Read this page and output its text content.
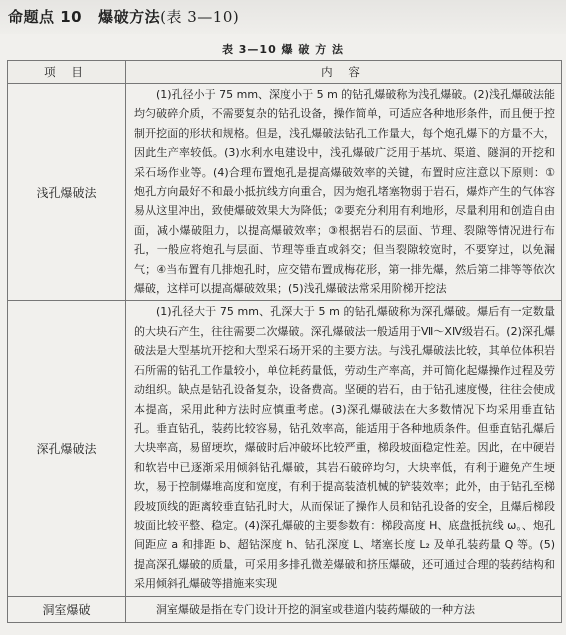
命题点 10 爆破方法(表 3—10)
表 3—10 爆 破 方 法
项 目	内 容
浅孔爆破法	(1)孔径小于 75 mm、深度小于 5 m 的钻孔爆破称为浅孔爆破。(2)浅孔爆破法能均匀破碎介质，不需要复杂的钻孔设备，操作简单，可适应各种地形条件，而且便于控制开挖面的形状和规格。但是，浅孔爆破法钻孔工作量大，每个炮孔爆下的方量不大，因此生产率较低。(3)水利水电建设中，浅孔爆破广泛用于基坑、渠道、隧洞的开挖和采石场作业等。(4)合理布置炮孔是提高爆破效率的关键，布置时应注意以下原则：①炮孔方向最好不和最小抵抗线方向重合，因为炮孔堵塞物弱于岩石，爆炸产生的气体容易从这里冲出，致使爆破效果大为降低；②要充分利用有利地形，尽量利用和创造自由面，减小爆破阻力，以提高爆破效率；③根据岩石的层面、节理、裂隙等情况进行布孔，一般应将炮孔与层面、节理等垂直或斜交；但当裂隙较宽时，不要穿过，以免漏气；④当布置有几排炮孔时，应交错布置成梅花形，第一排先爆，然后第二排等等依次爆破，这样可以提高爆破效果；(5)浅孔爆破法常采用阶梯开挖法

深孔爆破法	(1)孔径大于 75 mm、孔深大于 5 m 的钻孔爆破称为深孔爆破。爆后有一定数量的大块石产生，往往需要二次爆破。深孔爆破法一般适用于Ⅶ～ⅩⅣ级岩石。(2)深孔爆破法是大型基坑开挖和大型采石场开采的主要方法。与浅孔爆破法比较，其单位体积岩石所需的钻孔工作量较小，单位耗药量低，劳动生产率高，并可简化起爆操作过程及劳动组织。缺点是钻孔设备复杂，设备费高。坚硬的岩石，由于钻孔速度慢，往往会使成本提高，采用此种方法时应慎重考虑。(3)深孔爆破法在大多数情况下均采用垂直钻孔。垂直钻孔，装药比较容易，钻孔效率高，能适用于各种地质条件。但垂直钻孔爆后大块率高，易留埂坎，爆破时后冲破坏比较严重，梯段坡面稳定性差。因此，在中硬岩和软岩中已逐渐采用倾斜钻孔爆破，其岩石破碎均匀，大块率低，有利于避免产生埂坎，易于控制爆堆高度和宽度，有利于提高装渣机械的铲装效率；此外，由于钻孔至梯段坡顶线的距离较垂直钻孔时大，从而保证了操作人员和钻孔设备的安全，且爆后梯段坡面比较平整、稳定。(4)深孔爆破的主要参数有：梯段高度 H、底盘抵抗线 ω。、炮孔间距应 a 和排距 b、超钻深度 h、钻孔深度 L、堵塞长度 L₂ 及单孔装药量 Q 等。(5)提高深孔爆破的质量，可采用多排孔微差爆破和挤压爆破，还可通过合理的装药结构和采用倾斜孔爆破等措施来实现

洞室爆破	洞室爆破是指在专门设计开挖的洞室或巷道内装药爆破的一种方法
